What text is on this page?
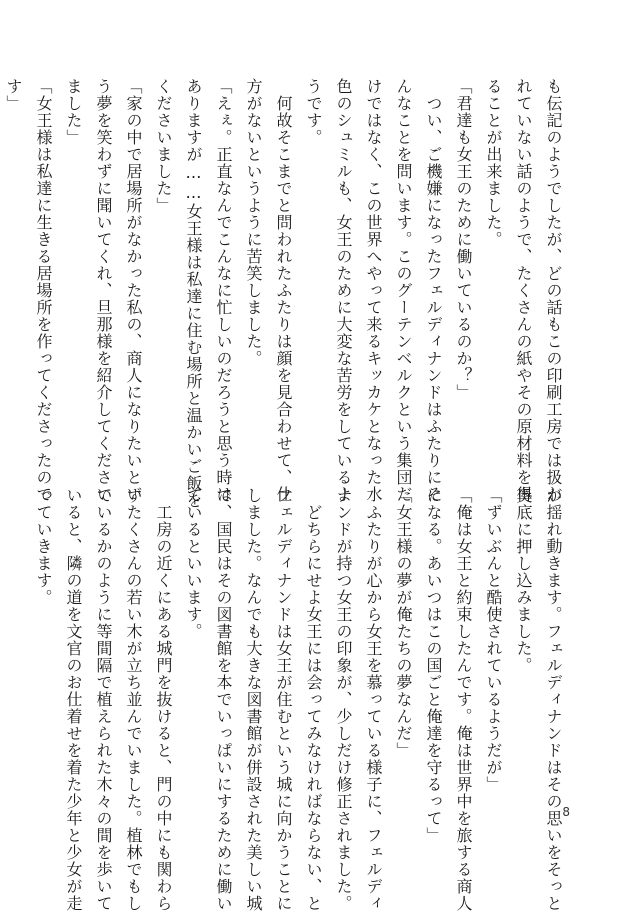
も伝記のようでしたが、どの話もこの印刷工房では扱わ
れていない話のようで、たくさんの紙やその原材料を得
ることが出来ました。
「君達も女王のために働いているのか？」
　つい、ご機嫌になったフェルディナンドはふたりにそ
んなことを問います。このグーテンベルクという集団だ
けではなく、この世界へやって来るキッカケとなった水
色のシュミルも、女王のために大変な苦労をしているよ
うです。
　何故そこまでと問われたふたりは顔を見合わせて、仕
方がないというように苦笑しました。
「えぇ。正直なんでこんなに忙しいのだろうと思う時は
ありますが……女王様は私達に住む場所と温かいご飯を
くださいました」
「家の中で居場所がなかった私の、商人になりたいとい
う夢を笑わずに聞いてくれ、旦那様を紹介してください
ました」
「女王様は私達に生きる居場所を作ってくださったので
す」
が揺れ動きます。フェルディナンドはその思いをそっと
奥底に押し込みました。
「ずいぶんと酷使されているようだが」
「俺は女王と約束したんです。俺は世界中を旅する商人
になる。あいつはこの国ごと俺達を守るって」
「女王様の夢が俺たちの夢なんだ」
　ふたりが心から女王を慕っている様子に、フェルディ
ナンドが持つ女王の印象が、少しだけ修正されました。
　どちらにせよ女王には会ってみなければならない、と
フェルディナンドは女王が住むという城に向かうことに
しました。なんでも大きな図書館が併設された美しい城
で、国民はその図書館を本でいっぱいにするために働い
ているといいます。
　工房の近くにある城門を抜けると、門の中にも関わら
ずたくさんの若い木が立ち並んでいました。植林でもし
ているかのように等間隔で植えられた木々の間を歩いて
いると、隣の道を文官のお仕着せを着た少年と少女が走
っていきます。
8
